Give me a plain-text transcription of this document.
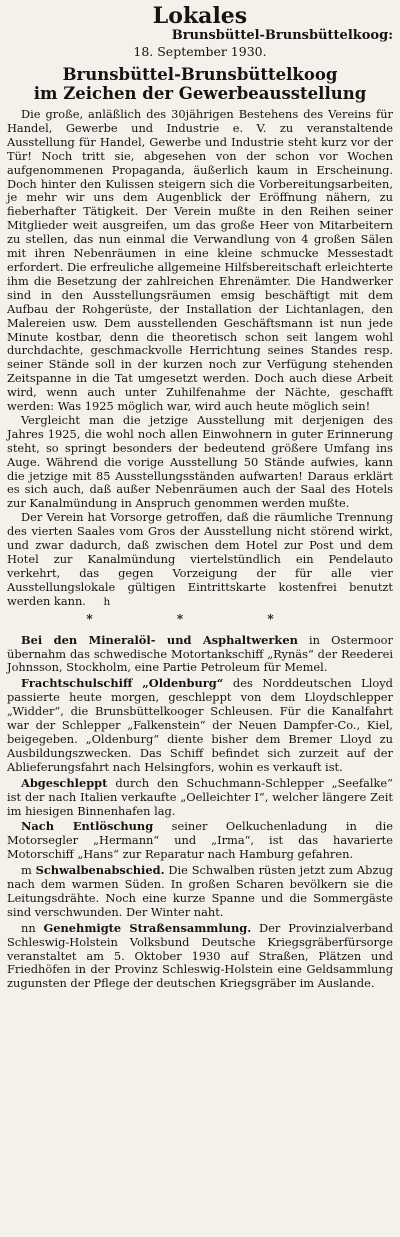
Lokales
Brunsbüttel-Brunsbüttelkoog:
18. September 1930.
Brunsbüttel-Brunsbüttelkoog
im Zeichen der Gewerbeausstellung

Die große, anläßlich des 30jährigen Bestehens des Vereins für Handel, Gewerbe und Industrie e. V. zu veranstaltende Ausstellung für Handel, Gewerbe und Industrie steht kurz vor der Tür! Noch tritt sie, abgesehen von der schon vor Wochen aufgenommenen Propaganda, äußerlich kaum in Erscheinung. Doch hinter den Kulissen steigern sich die Vorbereitungsarbeiten, je mehr wir uns dem Augenblick der Eröffnung nähern, zu fieberhafter Tätigkeit. Der Verein mußte in den Reihen seiner Mitglieder weit ausgreifen, um das große Heer von Mitarbeitern zu stellen, das nun einmal die Verwandlung von 4 großen Sälen mit ihren Nebenräumen in eine kleine schmucke Messestadt erfordert. Die erfreuliche allgemeine Hilfsbereitschaft erleichterte ihm die Besetzung der zahlreichen Ehrenämter. Die Handwerker sind in den Ausstellungsräumen emsig beschäftigt mit dem Aufbau der Rohgerüste, der Installation der Lichtanlagen, den Malereien usw. Dem ausstellenden Geschäftsmann ist nun jede Minute kostbar, denn die theoretisch schon seit langem wohl durchdachte, geschmackvolle Herrichtung seines Standes resp. seiner Stände soll in der kurzen noch zur Verfügung stehenden Zeitspanne in die Tat umgesetzt werden. Doch auch diese Arbeit wird, wenn auch unter Zuhilfenahme der Nächte, geschafft werden: Was 1925 möglich war, wird auch heute möglich sein!

Vergleicht man die jetzige Ausstellung mit derjenigen des Jahres 1925, die wohl noch allen Einwohnern in guter Erinnerung steht, so springt besonders der bedeutend größere Umfang ins Auge. Während die vorige Ausstellung 50 Stände aufwies, kann die jetzige mit 85 Ausstellungsständen aufwarten! Daraus erklärt es sich auch, daß außer Nebenräumen auch der Saal des Hotels zur Kanalmündung in Anspruch genommen werden mußte.

Der Verein hat Vorsorge getroffen, daß die räumliche Trennung des vierten Saales vom Gros der Ausstellung nicht störend wirkt, und zwar dadurch, daß zwischen dem Hotel zur Post und dem Hotel zur Kanalmündung viertelstündlich ein Pendelauto verkehrt, das gegen Vorzeigung der für alle vier Ausstellungslokale gültigen Eintrittskarte kostenfrei benutzt werden kann. h

* * *

Bei den Mineralöl- und Asphaltwerken in Ostermoor übernahm das schwedische Motortankschiff „Rynäs“ der Reederei Johnsson, Stockholm, eine Partie Petroleum für Memel.

Frachtschulschiff „Oldenburg“ des Norddeutschen Lloyd passierte heute morgen, geschleppt von dem Lloydschlepper „Widder“, die Brunsbüttelkooger Schleusen. Für die Kanalfahrt war der Schlepper „Falkenstein“ der Neuen Dampfer-Co., Kiel, beigegeben. „Oldenburg“ diente bisher dem Bremer Lloyd zu Ausbildungszwecken. Das Schiff befindet sich zurzeit auf der Ablieferungsfahrt nach Helsingfors, wohin es verkauft ist.

Abgeschleppt durch den Schuchmann-Schlepper „Seefalke“ ist der nach Italien verkaufte „Oelleichter I“, welcher längere Zeit im hiesigen Binnenhafen lag.

Nach Entlöschung seiner Oelkuchenladung in die Motorsegler „Hermann“ und „Irma“, ist das havarierte Motorschiff „Hans“ zur Reparatur nach Hamburg gefahren.

m Schwalbenabschied. Die Schwalben rüsten jetzt zum Abzug nach dem warmen Süden. In großen Scharen bevölkern sie die Leitungsdrähte. Noch eine kurze Spanne und die Sommergäste sind verschwunden. Der Winter naht.

nn Genehmigte Straßensammlung. Der Provinzialverband Schleswig-Holstein Volksbund Deutsche Kriegsgräberfürsorge veranstaltet am 5. Oktober 1930 auf Straßen, Plätzen und Friedhöfen in der Provinz Schleswig-Holstein eine Geldsammlung zugunsten der Pflege der deutschen Kriegsgräber im Auslande.
